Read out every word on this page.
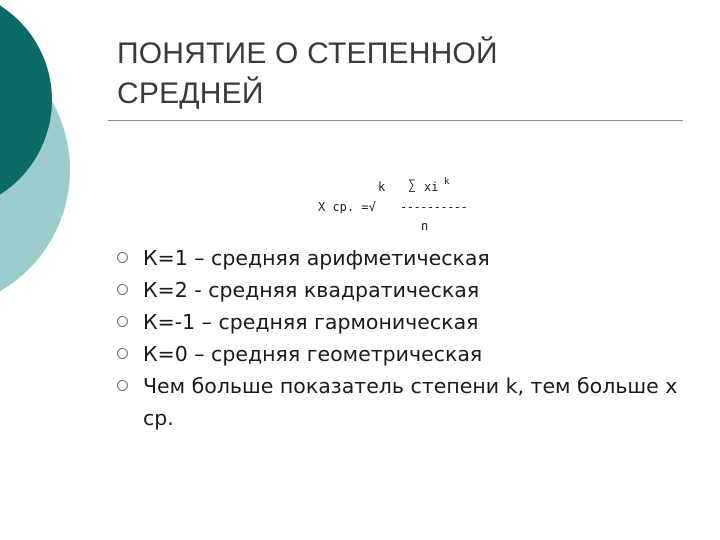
ПОНЯТИЕ О СТЕПЕННОЙ
СРЕДНЕЙ
k ∑ xi k
X ср. =√ ----------
n
К=1 – средняя арифметическая
К=2 - средняя квадратическая
К=-1 – средняя гармоническая
К=0 – средняя геометрическая
Чем больше показатель степени k, тем больше х ср.
